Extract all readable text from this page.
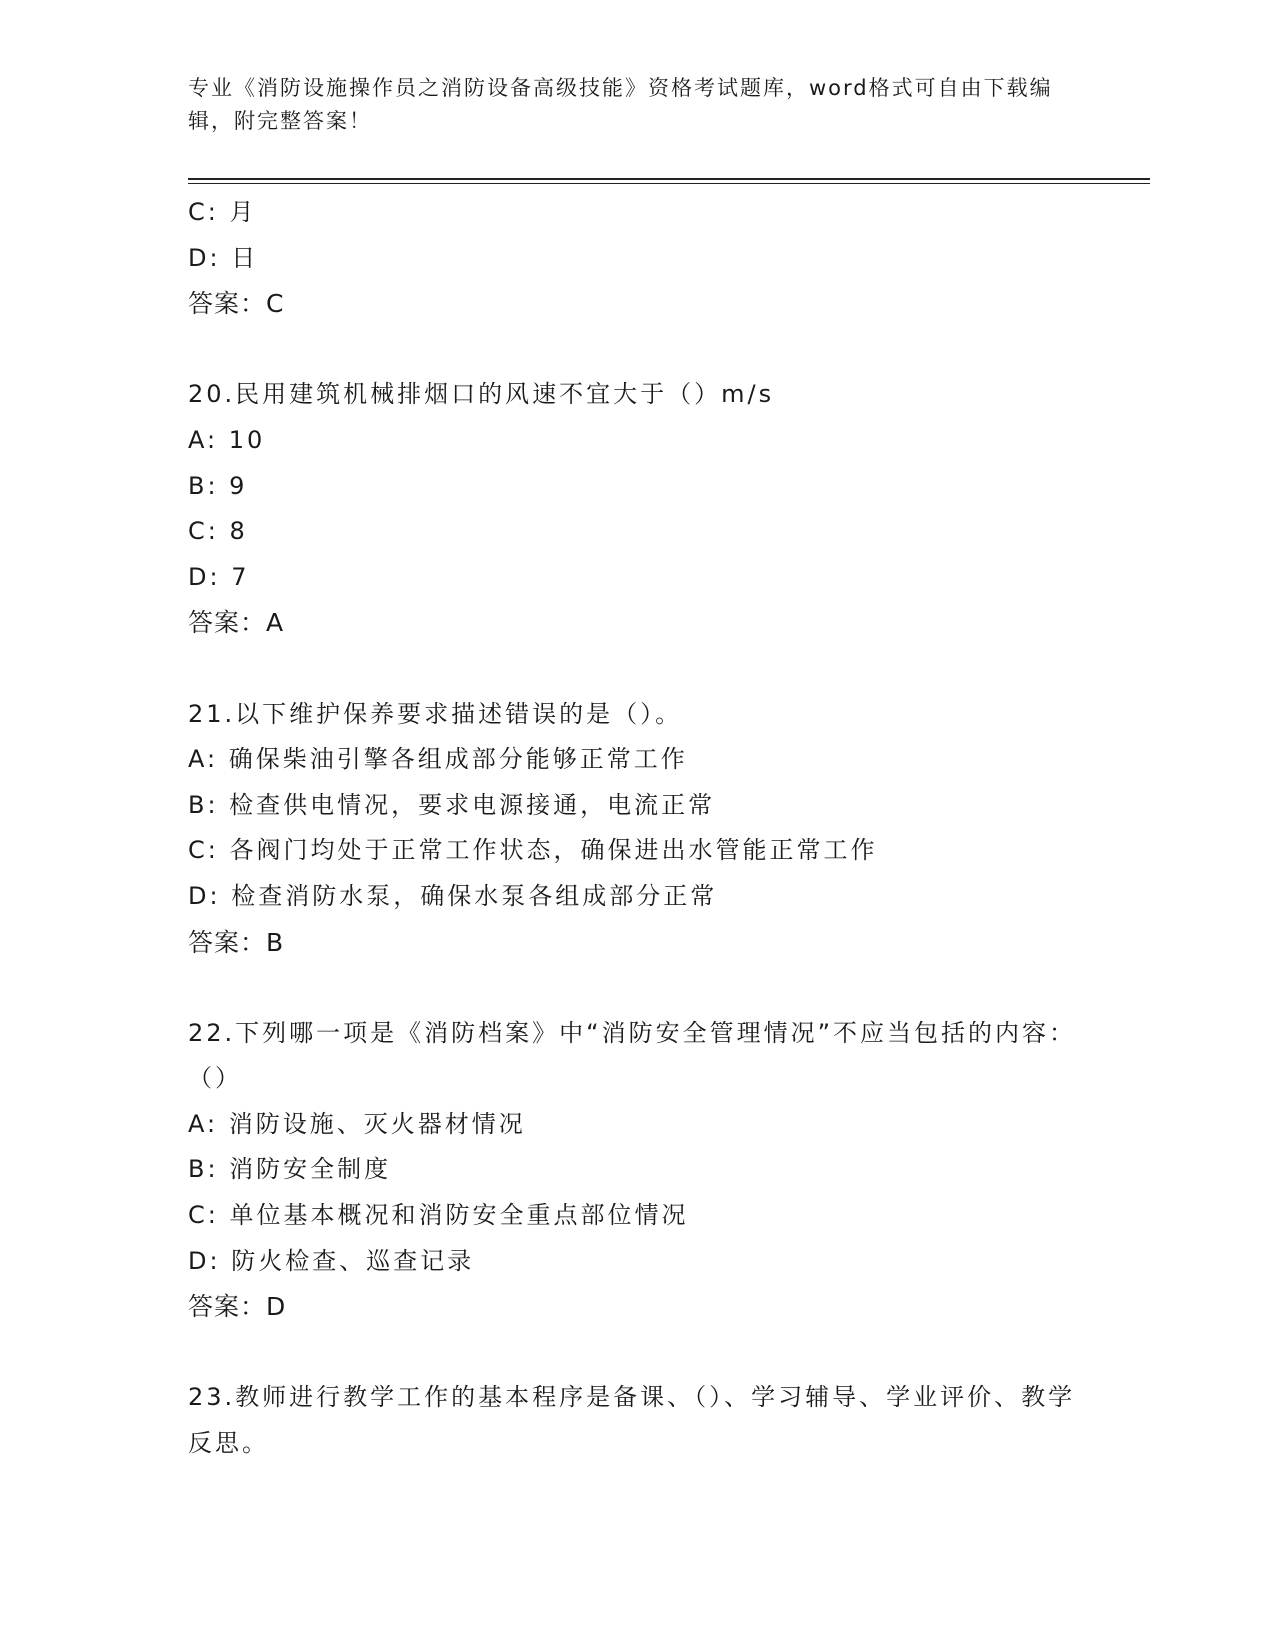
专业《消防设施操作员之消防设备高级技能》资格考试题库，word格式可自由下载编辑，附完整答案！
C: 月
D: 日
答案：C
20.民用建筑机械排烟口的风速不宜大于（）m/s
A: 10
B: 9
C: 8
D: 7
答案：A
21.以下维护保养要求描述错误的是（）。
A: 确保柴油引擎各组成部分能够正常工作
B: 检查供电情况，要求电源接通，电流正常
C: 各阀门均处于正常工作状态，确保进出水管能正常工作
D: 检查消防水泵，确保水泵各组成部分正常
答案：B
22.下列哪一项是《消防档案》中“消防安全管理情况”不应当包括的内容：（）
A: 消防设施、灭火器材情况
B: 消防安全制度
C: 单位基本概况和消防安全重点部位情况
D: 防火检查、巡查记录
答案：D
23.教师进行教学工作的基本程序是备课、（）、学习辅导、学业评价、教学反思。
